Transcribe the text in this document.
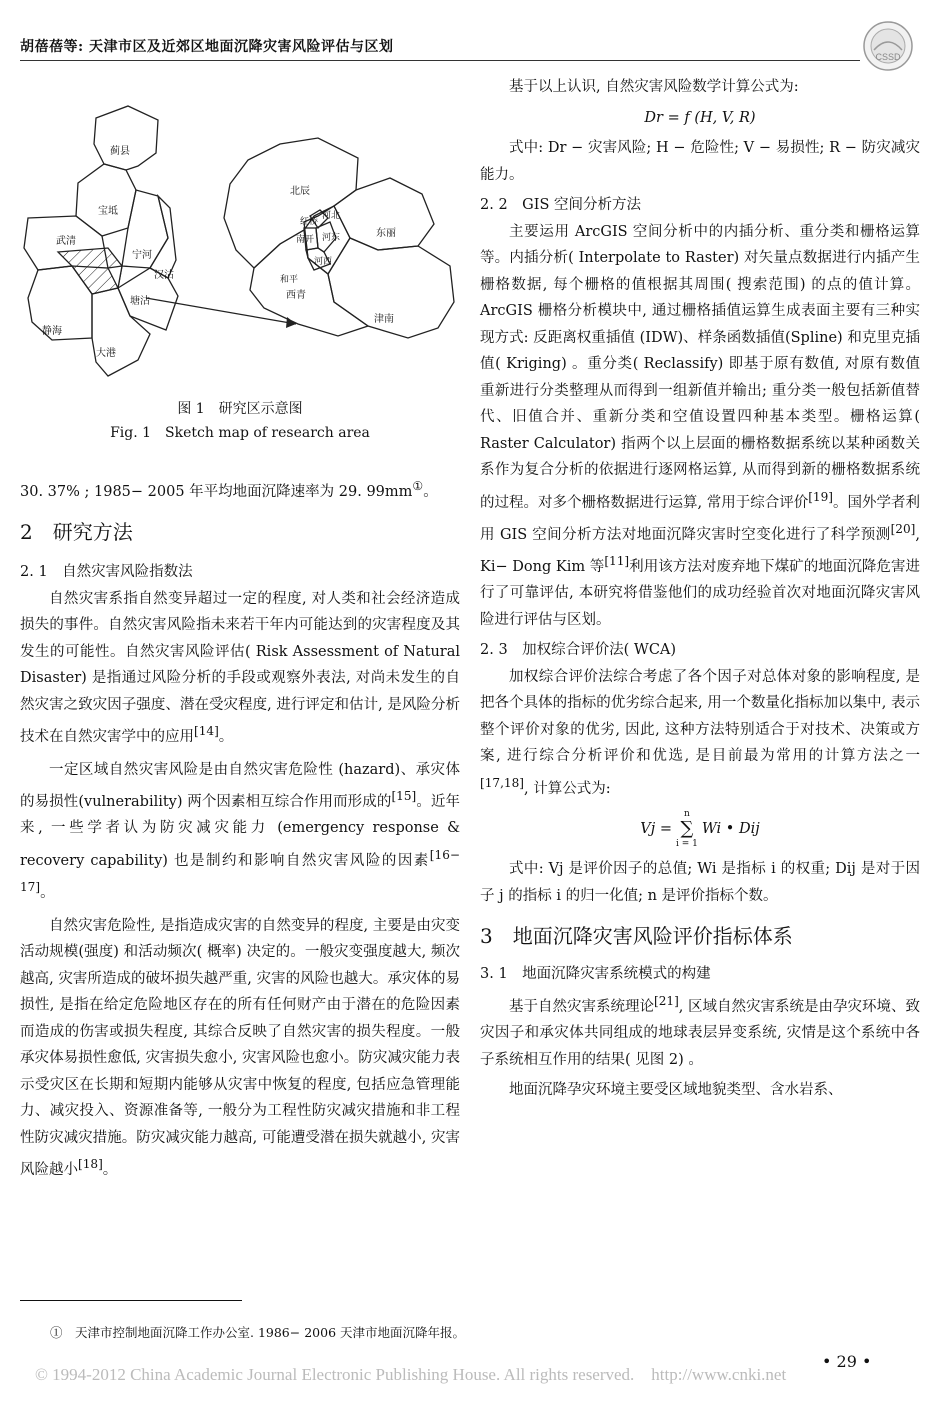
胡蓓蓓等: 天津市区及近郊区地面沉降灾害风险评估与区划
CSSD
蓟县
宝坻
武清
宁河
汉沽
塘沽
静海
大港
北辰
东丽
河北
红桥
南开 河东
河西
和平
西青
津南
图 1　研究区示意图
Fig. 1　Sketch map of research area

30. 37% ; 1985− 2005 年平均地面沉降速率为 29. 99mm①。

2　研究方法

2. 1　自然灾害风险指数法

自然灾害系指自然变异超过一定的程度, 对人类和社会经济造成损失的事件。自然灾害风险指未来若干年内可能达到的灾害程度及其发生的可能性。自然灾害风险评估( Risk Assessment of Natural Disaster) 是指通过风险分析的手段或观察外表法, 对尚未发生的自然灾害之致灾因子强度、潜在受灾程度, 进行评定和估计, 是风险分析技术在自然灾害学中的应用[14]。

一定区域自然灾害风险是由自然灾害危险性 (hazard)、承灾体的易损性(vulnerability) 两个因素相互综合作用而形成的[15]。近年来, 一些学者认为防灾减灾能力 (emergency response & recovery capability) 也是制约和影响自然灾害风险的因素[16− 17]。

自然灾害危险性, 是指造成灾害的自然变异的程度, 主要是由灾变活动规模(强度) 和活动频次( 概率) 决定的。一般灾变强度越大, 频次越高, 灾害所造成的破坏损失越严重, 灾害的风险也越大。承灾体的易损性, 是指在给定危险地区存在的所有任何财产由于潜在的危险因素而造成的伤害或损失程度, 其综合反映了自然灾害的损失程度。一般承灾体易损性愈低, 灾害损失愈小, 灾害风险也愈小。防灾减灾能力表示受灾区在长期和短期内能够从灾害中恢复的程度, 包括应急管理能力、减灾投入、资源准备等, 一般分为工程性防灾减灾措施和非工程性防灾减灾措施。防灾减灾能力越高, 可能遭受潜在损失就越小, 灾害风险越小[18]。

基于以上认识, 自然灾害风险数学计算公式为:

Dr = f (H, V, R)

式中: Dr − 灾害风险; H − 危险性; V − 易损性; R − 防灾减灾能力。

2. 2　GIS 空间分析方法

主要运用 ArcGIS 空间分析中的内插分析、重分类和栅格运算等。内插分析( Interpolate to Raster) 对矢量点数据进行内插产生栅格数据, 每个栅格的值根据其周围( 搜索范围) 的点的值计算。ArcGIS 栅格分析模块中, 通过栅格插值运算生成表面主要有三种实现方式: 反距离权重插值 (IDW)、样条函数插值(Spline) 和克里克插值( Kriging) 。重分类( Reclassify) 即基于原有数值, 对原有数值重新进行分类整理从而得到一组新值并输出; 重分类一般包括新值替代、旧值合并、重新分类和空值设置四种基本类型。栅格运算( Raster Calculator) 指两个以上层面的栅格数据系统以某种函数关系作为复合分析的依据进行逐网格运算, 从而得到新的栅格数据系统的过程。对多个栅格数据进行运算, 常用于综合评价[19]。国外学者利用 GIS 空间分析方法对地面沉降灾害时空变化进行了科学预测[20], Ki− Dong Kim 等[11]利用该方法对废弃地下煤矿的地面沉降危害进行了可靠评估, 本研究将借鉴他们的成功经验首次对地面沉降灾害风险进行评估与区划。

2. 3　加权综合评价法( WCA)

加权综合评价法综合考虑了各个因子对总体对象的影响程度, 是把各个具体的指标的优劣综合起来, 用一个数量化指标加以集中, 表示整个评价对象的优劣, 因此, 这种方法特别适合于对技术、决策或方案, 进行综合分析评价和优选, 是目前最为常用的计算方法之一[17,18], 计算公式为:

Vj =
n
∑
i = 1
Wi • Dij

式中: Vj 是评价因子的总值; Wi 是指标 i 的权重; Dij 是对于因子 j 的指标 i 的归一化值; n 是评价指标个数。

3　地面沉降灾害风险评价指标体系

3. 1　地面沉降灾害系统模式的构建

基于自然灾害系统理论[21], 区域自然灾害系统是由孕灾环境、致灾因子和承灾体共同组成的地球表层异变系统, 灾情是这个系统中各子系统相互作用的结果( 见图 2) 。

地面沉降孕灾环境主要受区域地貌类型、含水岩系、

①　天津市控制地面沉降工作办公室. 1986− 2006 天津市地面沉降年报。
© 1994-2012 China Academic Journal Electronic Publishing House. All rights reserved.　http://www.cnki.net
• 29 •
